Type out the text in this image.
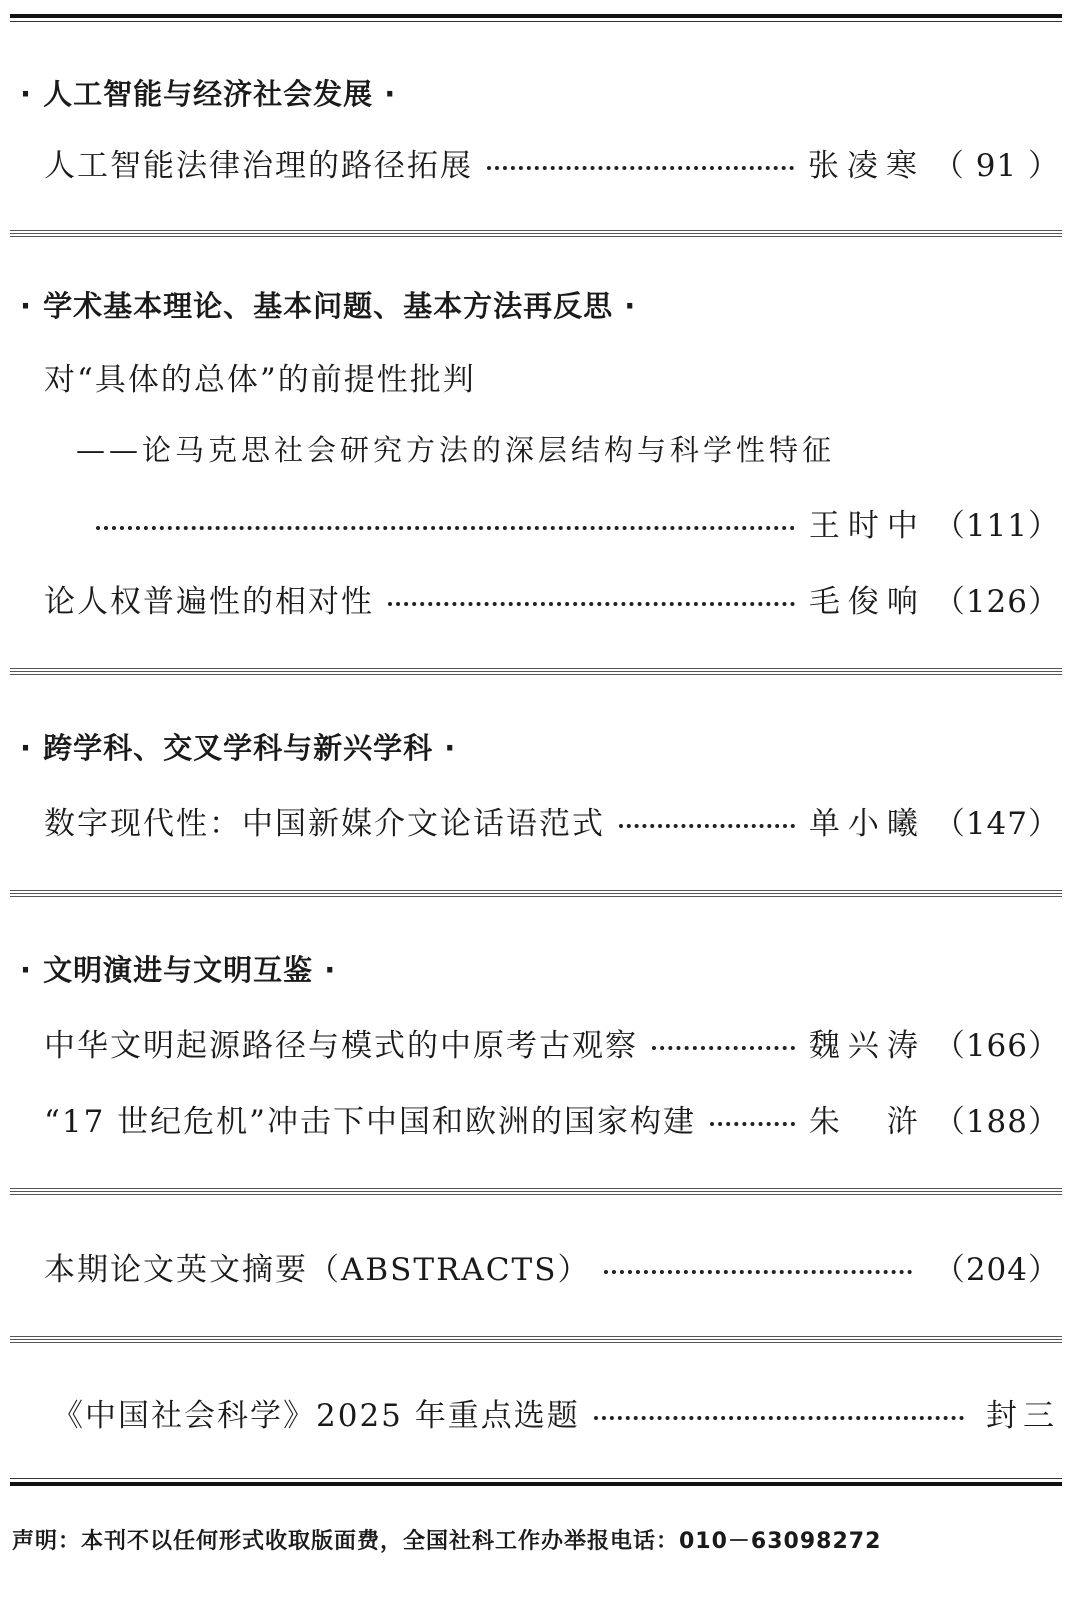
· 人工智能与经济社会发展 ·
人工智能法律治理的路径拓展	张凌寒 （ 91 ）
· 学术基本理论、基本问题、基本方法再反思 ·
对“具体的总体”的前提性批判
——论马克思社会研究方法的深层结构与科学性特征
王时中 （111）
论人权普遍性的相对性	毛俊响 （126）
· 跨学科、交叉学科与新兴学科 ·
数字现代性：中国新媒介文论话语范式	单小曦 （147）
· 文明演进与文明互鉴 ·
中华文明起源路径与模式的中原考古观察	魏兴涛 （166）
“17 世纪危机”冲击下中国和欧洲的国家构建	朱　浒 （188）
本期论文英文摘要（ABSTRACTS）	（204）
《中国社会科学》2025 年重点选题	封三
声明：本刊不以任何形式收取版面费，全国社科工作办举报电话：010－63098272
